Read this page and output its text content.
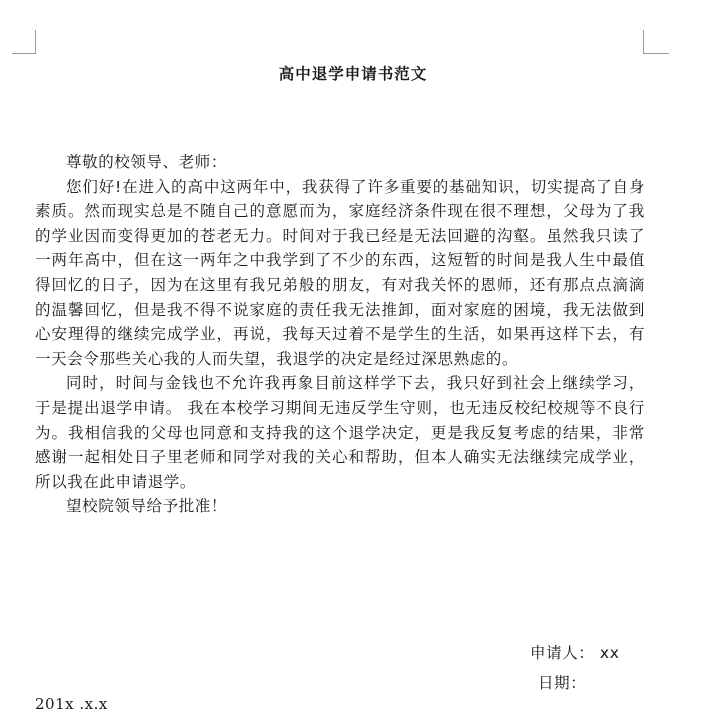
高中退学申请书范文

尊敬的校领导、老师：

您们好!在进入的高中这两年中，我获得了许多重要的基础知识，切实提高了自身素质。然而现实总是不随自己的意愿而为，家庭经济条件现在很不理想，父母为了我的学业因而变得更加的苍老无力。时间对于我已经是无法回避的沟壑。虽然我只读了一两年高中，但在这一两年之中我学到了不少的东西，这短暂的时间是我人生中最值得回忆的日子，因为在这里有我兄弟般的朋友，有对我关怀的恩师，还有那点点滴滴的温馨回忆，但是我不得不说家庭的责任我无法推卸，面对家庭的困境，我无法做到心安理得的继续完成学业，再说，我每天过着不是学生的生活，如果再这样下去，有一天会令那些关心我的人而失望，我退学的决定是经过深思熟虑的。

同时，时间与金钱也不允许我再象目前这样学下去，我只好到社会上继续学习，于是提出退学申请。 我在本校学习期间无违反学生守则，也无违反校纪校规等不良行为。我相信我的父母也同意和支持我的这个退学决定，更是我反复考虑的结果，非常感谢一起相处日子里老师和同学对我的关心和帮助，但本人确实无法继续完成学业，所以我在此申请退学。

望校院领导给予批准！

申请人： xx
日期：
201x .x.x
